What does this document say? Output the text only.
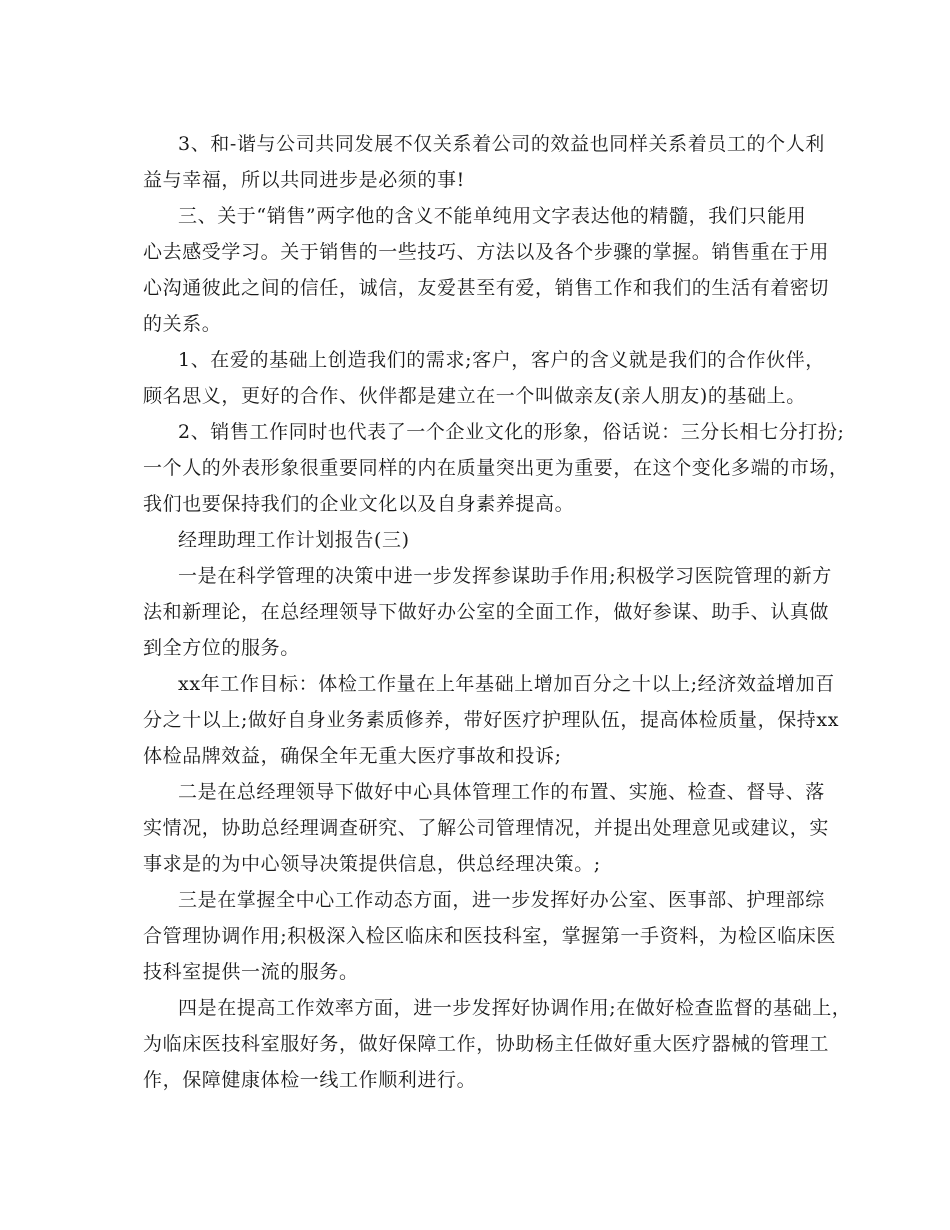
3、和-谐与公司共同发展不仅关系着公司的效益也同样关系着员工的个人利
益与幸福，所以共同进步是必须的事!
三、关于“销售”两字他的含义不能单纯用文字表达他的精髓，我们只能用
心去感受学习。关于销售的一些技巧、方法以及各个步骤的掌握。销售重在于用
心沟通彼此之间的信任，诚信，友爱甚至有爱，销售工作和我们的生活有着密切
的关系。
1、在爱的基础上创造我们的需求;客户，客户的含义就是我们的合作伙伴，
顾名思义，更好的合作、伙伴都是建立在一个叫做亲友(亲人朋友)的基础上。
2、销售工作同时也代表了一个企业文化的形象，俗话说：三分长相七分打扮;
一个人的外表形象很重要同样的内在质量突出更为重要，在这个变化多端的市场，
我们也要保持我们的企业文化以及自身素养提高。
经理助理工作计划报告(三)
一是在科学管理的决策中进一步发挥参谋助手作用;积极学习医院管理的新方
法和新理论，在总经理领导下做好办公室的全面工作，做好参谋、助手、认真做
到全方位的服务。
xx年工作目标：体检工作量在上年基础上增加百分之十以上;经济效益增加百
分之十以上;做好自身业务素质修养，带好医疗护理队伍，提高体检质量，保持xx
体检品牌效益，确保全年无重大医疗事故和投诉;
二是在总经理领导下做好中心具体管理工作的布置、实施、检查、督导、落
实情况，协助总经理调查研究、了解公司管理情况，并提出处理意见或建议，实
事求是的为中心领导决策提供信息，供总经理决策。;
三是在掌握全中心工作动态方面，进一步发挥好办公室、医事部、护理部综
合管理协调作用;积极深入检区临床和医技科室，掌握第一手资料，为检区临床医
技科室提供一流的服务。
四是在提高工作效率方面，进一步发挥好协调作用;在做好检查监督的基础上，
为临床医技科室服好务，做好保障工作，协助杨主任做好重大医疗器械的管理工
作，保障健康体检一线工作顺利进行。
